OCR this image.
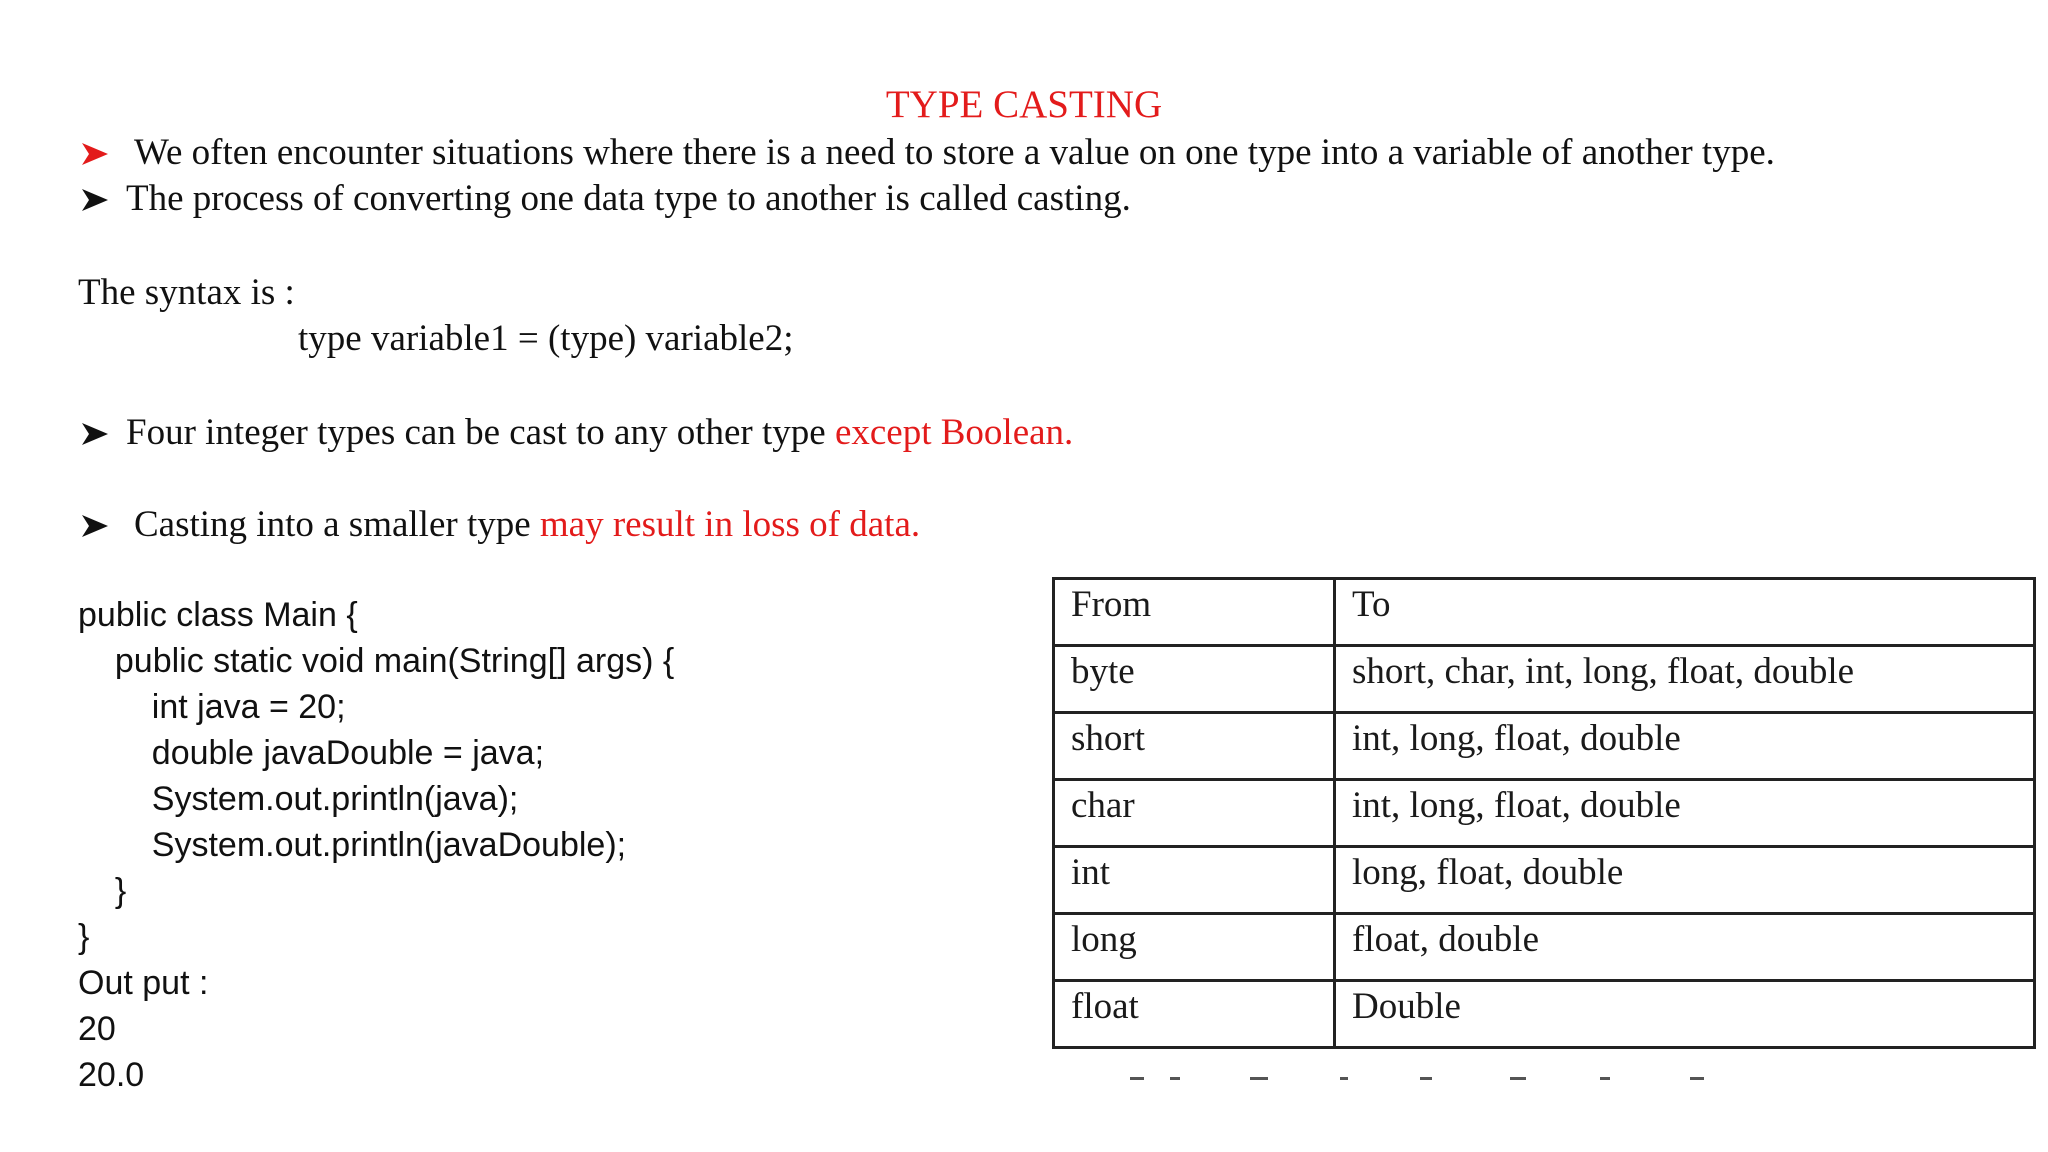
TYPE CASTING
We often encounter situations where there is a need to store a value on one type into a variable of another type.
The process of converting one data type to another is called casting.
The syntax is :
type variable1 = (type) variable2;
Four integer types can be cast to any other type except Boolean.
Casting into a smaller type may result in loss of data.
public class Main {
public static void main(String[] args) {
int java = 20;
double javaDouble = java;
System.out.println(java);
System.out.println(javaDouble);
}
}
Out put :
20
20.0
From	To
byte	short, char, int, long, float, double
short	int, long, float, double
char	int, long, float, double
int	long, float, double
long	float, double
float	Double
